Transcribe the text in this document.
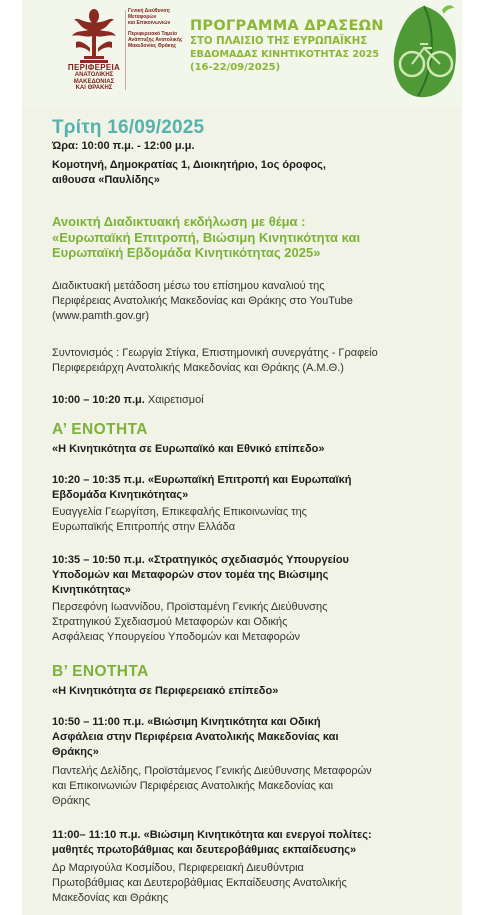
ΠΕΡΙΦΕΡΕΙΑ
ΑΝΑΤΟΛΙΚΗΣ ΜΑΚΕΔΟΝΙΑΣ
ΚΑΙ ΘΡΑΚΗΣ
Γενική Διεύθυνση
Μεταφορών
και Επικοινωνιών
Περιφερειακό Ταμείο
Ανάπτυξης Ανατολικής
Μακεδονίας Θράκης
ΠΡΟΓΡΑΜΜΑ ΔΡΑΣΕΩΝ
ΣΤΟ ΠΛΑΙΣΙΟ ΤΗΣ ΕΥΡΩΠΑΪΚΗΣ
ΕΒΔΟΜΑΔΑΣ ΚΙΝΗΤΙΚΟΤΗΤΑΣ 2025
(16-22/09/2025)
Τρίτη 16/09/2025
Ώρα: 10:00 π.μ. - 12:00 μ.μ.
Κομοτηνή, Δημοκρατίας 1, Διοικητήριο, 1ος όροφος,
αιθουσα «Παυλίδης»
Ανοικτή Διαδικτυακή εκδήλωση με θέμα :
«Ευρωπαϊκή Επιτροπή, Βιώσιμη Κινητικότητα και
Ευρωπαϊκή Εβδομάδα Κινητικότητας 2025»
Διαδικτυακή μετάδοση μέσω του επίσημου καναλιού της
Περιφέρειας Ανατολικής Μακεδονίας και Θράκης στο YouTube
(www.pamth.gov.gr)
Συντονισμός : Γεωργία Στίγκα, Επιστημονική συνεργάτης - Γραφείο
Περιφερειάρχη Ανατολικής Μακεδονίας και Θράκης (Α.Μ.Θ.)
10:00 – 10:20 π.μ. Χαιρετισμοί
Α’ ΕΝΟΤΗΤΑ
«Η Κινητικότητα σε Ευρωπαϊκό και Εθνικό επίπεδο»
10:20 – 10:35 π.μ. «Ευρωπαϊκή Επιτροπή και Ευρωπαϊκή
Εβδομάδα Κινητικότητας»
Ευαγγελία Γεωργίτση, Επικεφαλής Επικοινωνίας της
Ευρωπαϊκής Επιτροπής στην Ελλάδα
10:35 – 10:50 π.μ. «Στρατηγικός σχεδιασμός Υπουργείου
Υποδομών και Μεταφορών στον τομέα της Βιώσιμης
Κινητικότητας»
Περσεφόνη Ιωαννίδου, Προϊσταμένη Γενικής Διεύθυνσης
Στρατηγικού Σχεδιασμού Μεταφορών και Οδικής
Ασφάλειας Υπουργείου Υποδομών και Μεταφορών
Β’ ΕΝΟΤΗΤΑ
«Η Κινητικότητα σε Περιφερειακό επίπεδο»
10:50 – 11:00 π.μ. «Βιώσιμη Κινητικότητα και Οδική
Ασφάλεια στην Περιφέρεια Ανατολικής Μακεδονίας και
Θράκης»
Παντελής Δελίδης, Προϊστάμενος Γενικής Διεύθυνσης Μεταφορών
και Επικοινωνιών Περιφέρειας Ανατολικής Μακεδονίας και
Θράκης
11:00– 11:10 π.μ. «Βιώσιμη Κινητικότητα και ενεργοί πολίτες:
μαθητές πρωτοβάθμιας και δευτεροβάθμιας εκπαίδευσης»
Δρ Μαριγούλα Κοσμίδου, Περιφερειακή Διευθύντρια
Πρωτοβάθμιας και Δευτεροβάθμιας Εκπαίδευσης Ανατολικής
Μακεδονίας και Θράκης
